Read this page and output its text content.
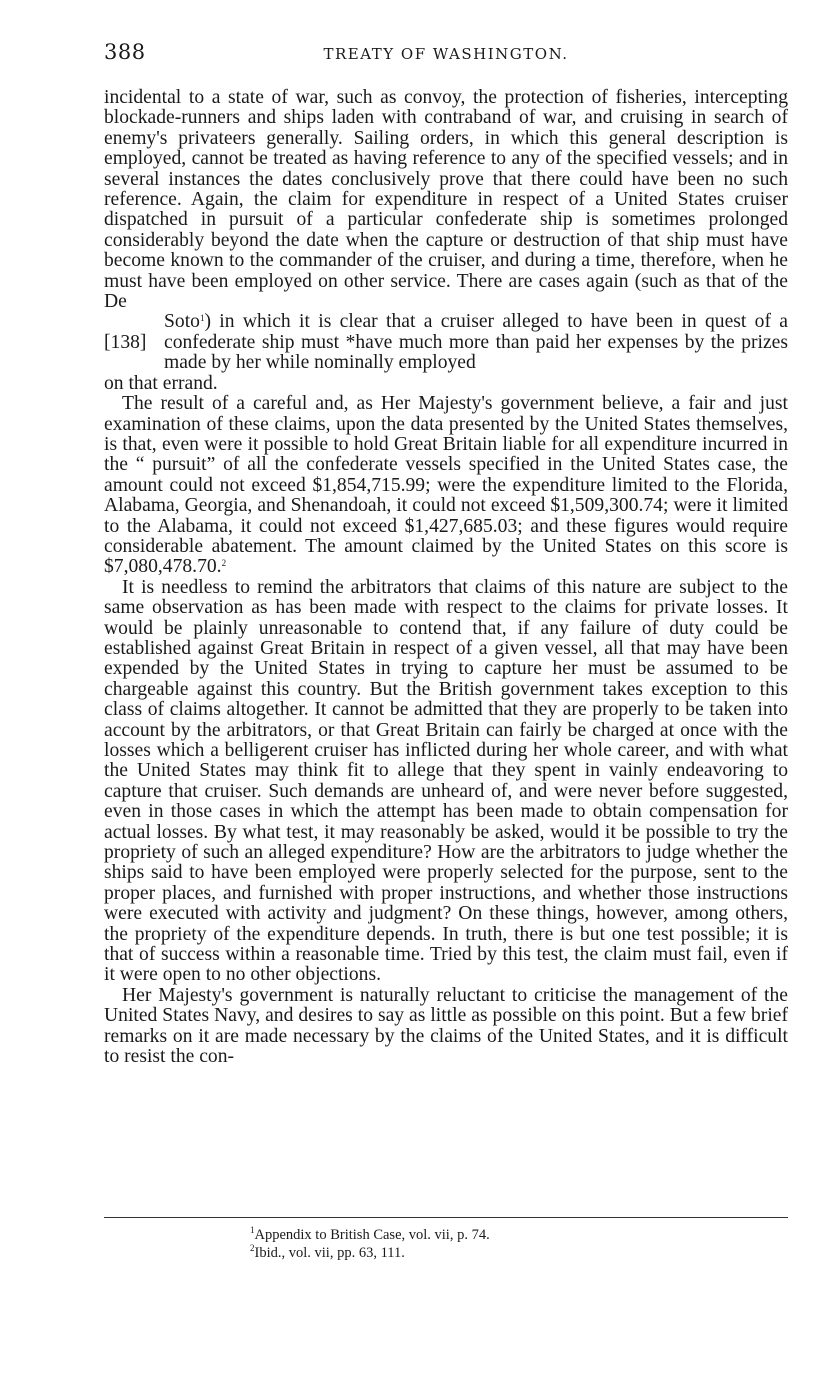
388	TREATY OF WASHINGTON.

incidental to a state of war, such as convoy, the protection of fisheries, intercepting blockade-runners and ships laden with contraband of war, and cruising in search of enemy's privateers generally. Sailing orders, in which this general description is employed, cannot be treated as having reference to any of the specified vessels; and in several instances the dates conclusively prove that there could have been no such reference. Again, the claim for expenditure in respect of a United States cruiser dispatched in pursuit of a particular confederate ship is sometimes prolonged considerably beyond the date when the capture or destruction of that ship must have become known to the commander of the cruiser, and during a time, therefore, when he must have been employed on other service. There are cases again (such as that of the De

[138]
Soto$^1$) in which it is clear that a cruiser alleged to have been in quest of a confederate ship must *have much more than paid her expenses by the prizes made by her while nominally employed

on that errand.

The result of a careful and, as Her Majesty's government believe, a fair and just examination of these claims, upon the data presented by the United States themselves, is that, even were it possible to hold Great Britain liable for all expenditure incurred in the “ pursuit” of all the confederate vessels specified in the United States case, the amount could not exceed $1,854,715.99; were the expenditure limited to the Florida, Alabama, Georgia, and Shenandoah, it could not exceed $1,509,300.74; were it limited to the Alabama, it could not exceed $1,427,685.03; and these figures would require considerable abatement. The amount claimed by the United States on this score is $7,080,478.70.$^2$

It is needless to remind the arbitrators that claims of this nature are subject to the same observation as has been made with respect to the claims for private losses. It would be plainly unreasonable to contend that, if any failure of duty could be established against Great Britain in respect of a given vessel, all that may have been expended by the United States in trying to capture her must be assumed to be chargeable against this country. But the British government takes exception to this class of claims altogether. It cannot be admitted that they are properly to be taken into account by the arbitrators, or that Great Britain can fairly be charged at once with the losses which a belligerent cruiser has inflicted during her whole career, and with what the United States may think fit to allege that they spent in vainly endeavoring to capture that cruiser. Such demands are unheard of, and were never before suggested, even in those cases in which the attempt has been made to obtain compensation for actual losses. By what test, it may reasonably be asked, would it be possible to try the propriety of such an alleged expenditure? How are the arbitrators to judge whether the ships said to have been employed were properly selected for the purpose, sent to the proper places, and furnished with proper instructions, and whether those instructions were executed with activity and judgment? On these things, however, among others, the propriety of the expenditure depends. In truth, there is but one test possible; it is that of success within a reasonable time. Tried by this test, the claim must fail, even if it were open to no other objections.

Her Majesty's government is naturally reluctant to criticise the management of the United States Navy, and desires to say as little as possible on this point. But a few brief remarks on it are made necessary by the claims of the United States, and it is difficult to resist the con-

$^1$Appendix to British Case, vol. vii, p. 74.

$^2$Ibid., vol. vii, pp. 63, 111.
